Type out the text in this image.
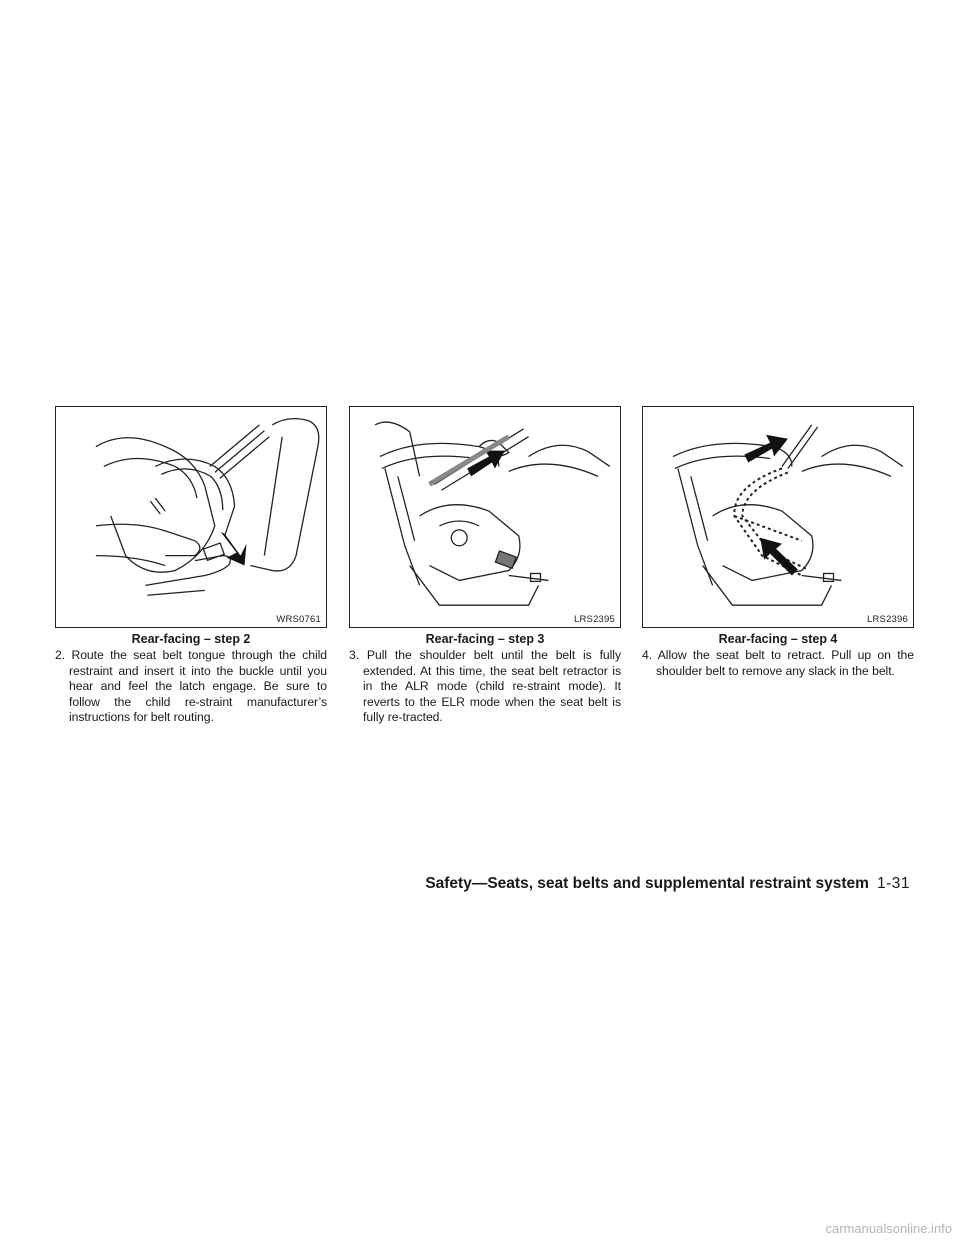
WRS0761
Rear-facing – step 2

2. Route the seat belt tongue through the child restraint and insert it into the buckle until you hear and feel the latch engage. Be sure to follow the child re-straint manufacturer’s instructions for belt routing.

LRS2395
Rear-facing – step 3

3. Pull the shoulder belt until the belt is fully extended. At this time, the seat belt retractor is in the ALR mode (child re-straint mode). It reverts to the ELR mode when the seat belt is fully re-tracted.

LRS2396
Rear-facing – step 4

4. Allow the seat belt to retract. Pull up on the shoulder belt to remove any slack in the belt.

Safety—Seats, seat belts and supplemental restraint system 1-31
carmanualsonline.info
